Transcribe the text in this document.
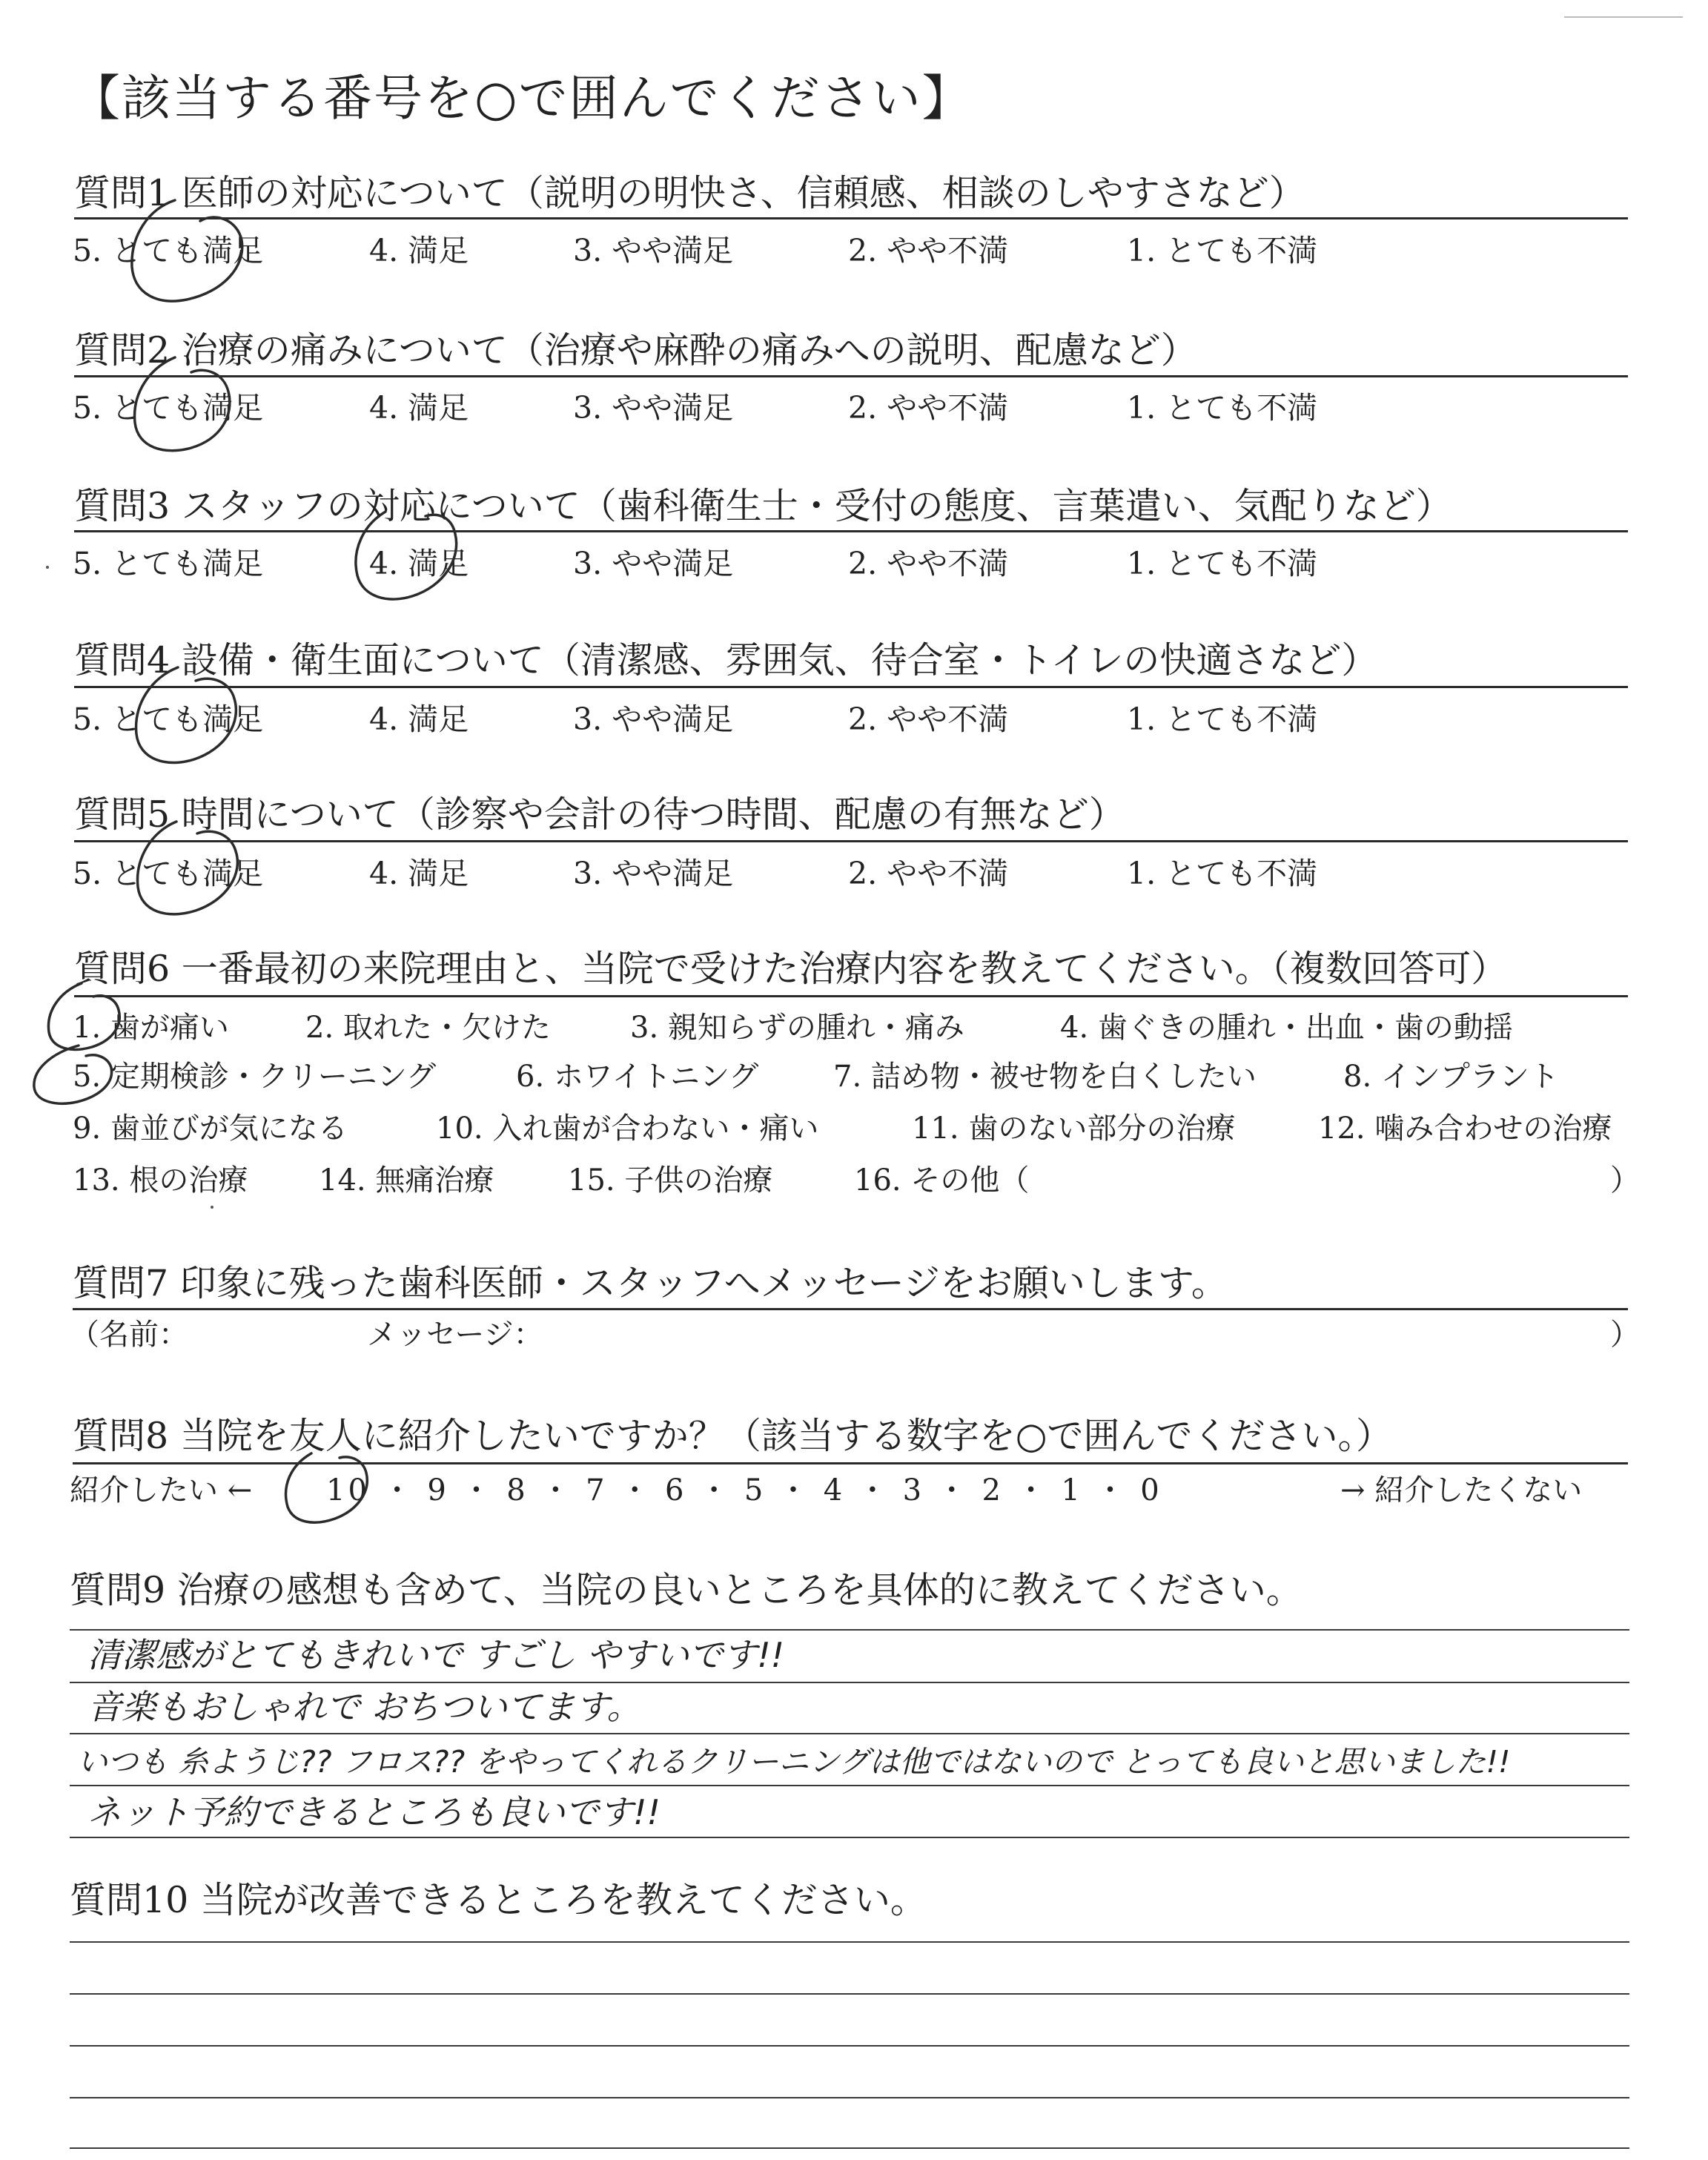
【該当する番号を○で囲んでください】
質問1 医師の対応について（説明の明快さ、信頼感、相談のしやすさなど）
5. とても満足	4. 満足	3. やや満足	2. やや不満	1. とても不満
質問2 治療の痛みについて（治療や麻酔の痛みへの説明、配慮など）
5. とても満足	4. 満足	3. やや満足	2. やや不満	1. とても不満
質問3 スタッフの対応について（歯科衛生士・受付の態度、言葉遣い、気配りなど）
5. とても満足	4. 満足	3. やや満足	2. やや不満	1. とても不満
質問4 設備・衛生面について（清潔感、雰囲気、待合室・トイレの快適さなど）
5. とても満足	4. 満足	3. やや満足	2. やや不満	1. とても不満
質問5 時間について（診察や会計の待つ時間、配慮の有無など）
5. とても満足	4. 満足	3. やや満足	2. やや不満	1. とても不満
質問6 一番最初の来院理由と、当院で受けた治療内容を教えてください。（複数回答可）
1. 歯が痛い	2. 取れた・欠けた	3. 親知らずの腫れ・痛み	4. 歯ぐきの腫れ・出血・歯の動揺
5. 定期検診・クリーニング	6. ホワイトニング	7. 詰め物・被せ物を白くしたい	8. インプラント
9. 歯並びが気になる	10. 入れ歯が合わない・痛い	11. 歯のない部分の治療	12. 噛み合わせの治療
13. 根の治療 14. 無痛治療 15. 子供の治療	16. その他（	）
質問7 印象に残った歯科医師・スタッフへメッセージをお願いします。
（名前：	メッセージ：	）
質問8 当院を友人に紹介したいですか？（該当する数字を○で囲んでください。）
紹介したい ← 10 ・ 9 ・ 8 ・ 7 ・ 6 ・ 5 ・ 4 ・ 3 ・ 2 ・ 1 ・ 0	→ 紹介したくない
質問9 治療の感想も含めて、当院の良いところを具体的に教えてください。
質問10 当院が改善できるところを教えてください。
清潔感がとてもきれいで すごし やすいです!!
音楽もおしゃれで おちついてます。
いつも 糸ようじ?? フロス?? をやってくれるクリーニングは他ではないので とっても良いと思いました!!
ネット予約できるところも良いです!!
